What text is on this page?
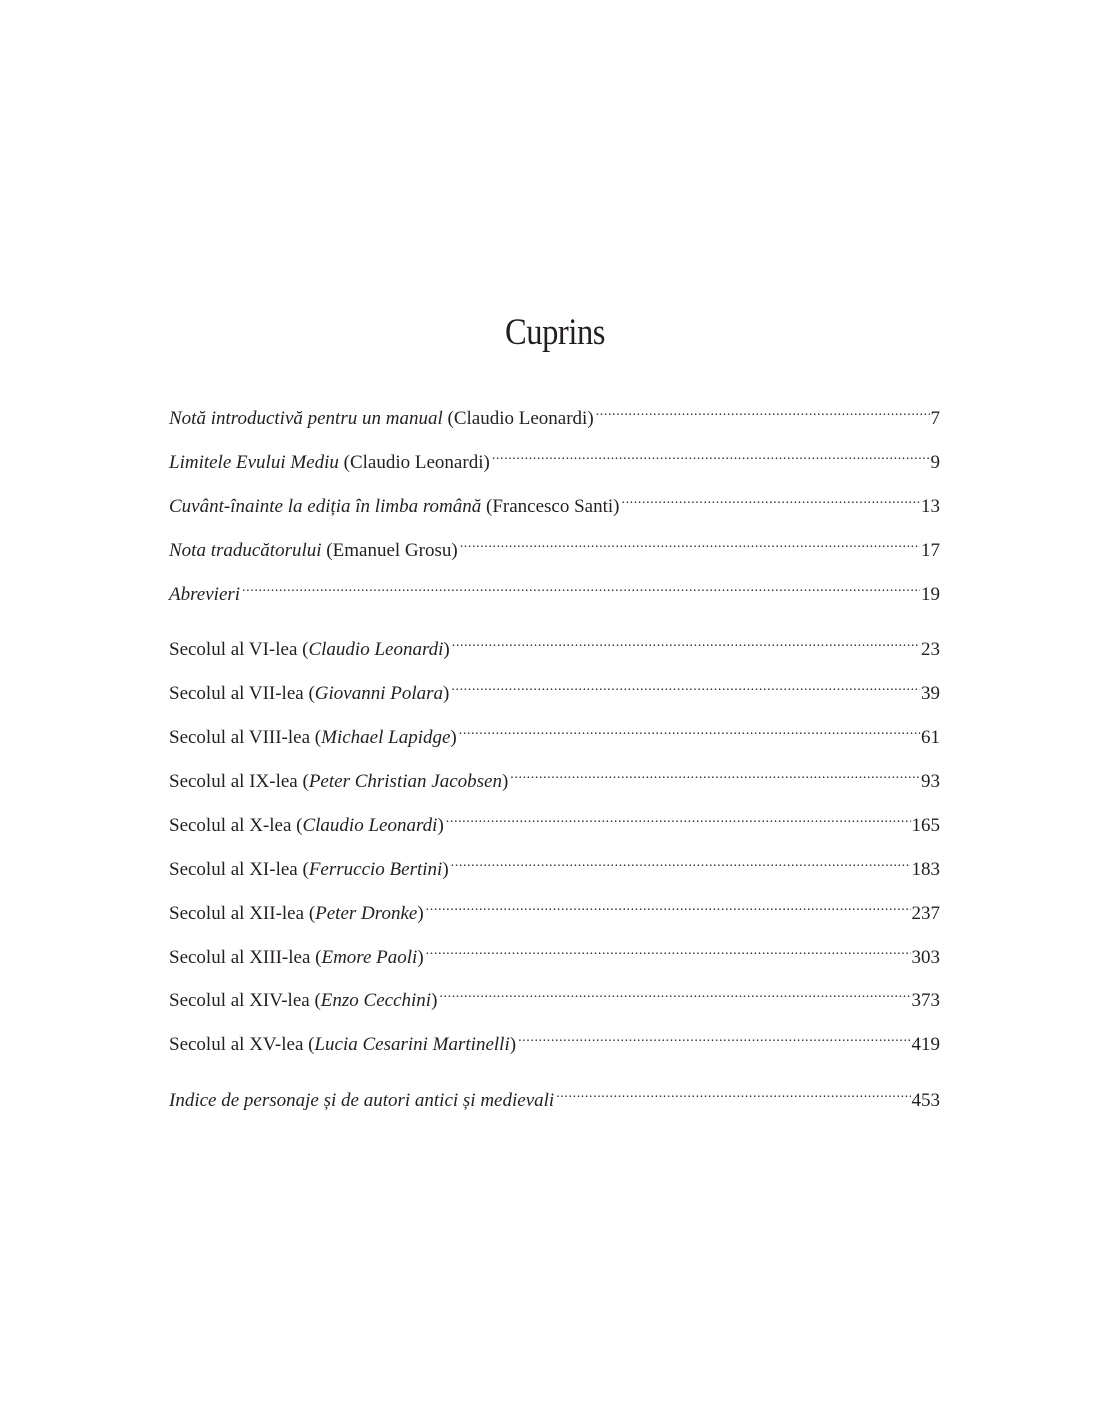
Cuprins
Notă introductivă pentru un manual (Claudio Leonardi) .....	7
Limitele Evului Mediu (Claudio Leonardi) .....	9
Cuvânt-înainte la ediția în limba română (Francesco Santi) .....	13
Nota traducătorului (Emanuel Grosu) .....	17
Abrevieri .....	19
Secolul al VI-lea (Claudio Leonardi) .....	23
Secolul al VII-lea (Giovanni Polara) .....	39
Secolul al VIII-lea (Michael Lapidge) .....	61
Secolul al IX-lea (Peter Christian Jacobsen) .....	93
Secolul al X-lea (Claudio Leonardi) .....	165
Secolul al XI-lea (Ferruccio Bertini) .....	183
Secolul al XII-lea (Peter Dronke) .....	237
Secolul al XIII-lea (Emore Paoli) .....	303
Secolul al XIV-lea (Enzo Cecchini) .....	373
Secolul al XV-lea (Lucia Cesarini Martinelli) .....	419
Indice de personaje și de autori antici și medievali .....	453
